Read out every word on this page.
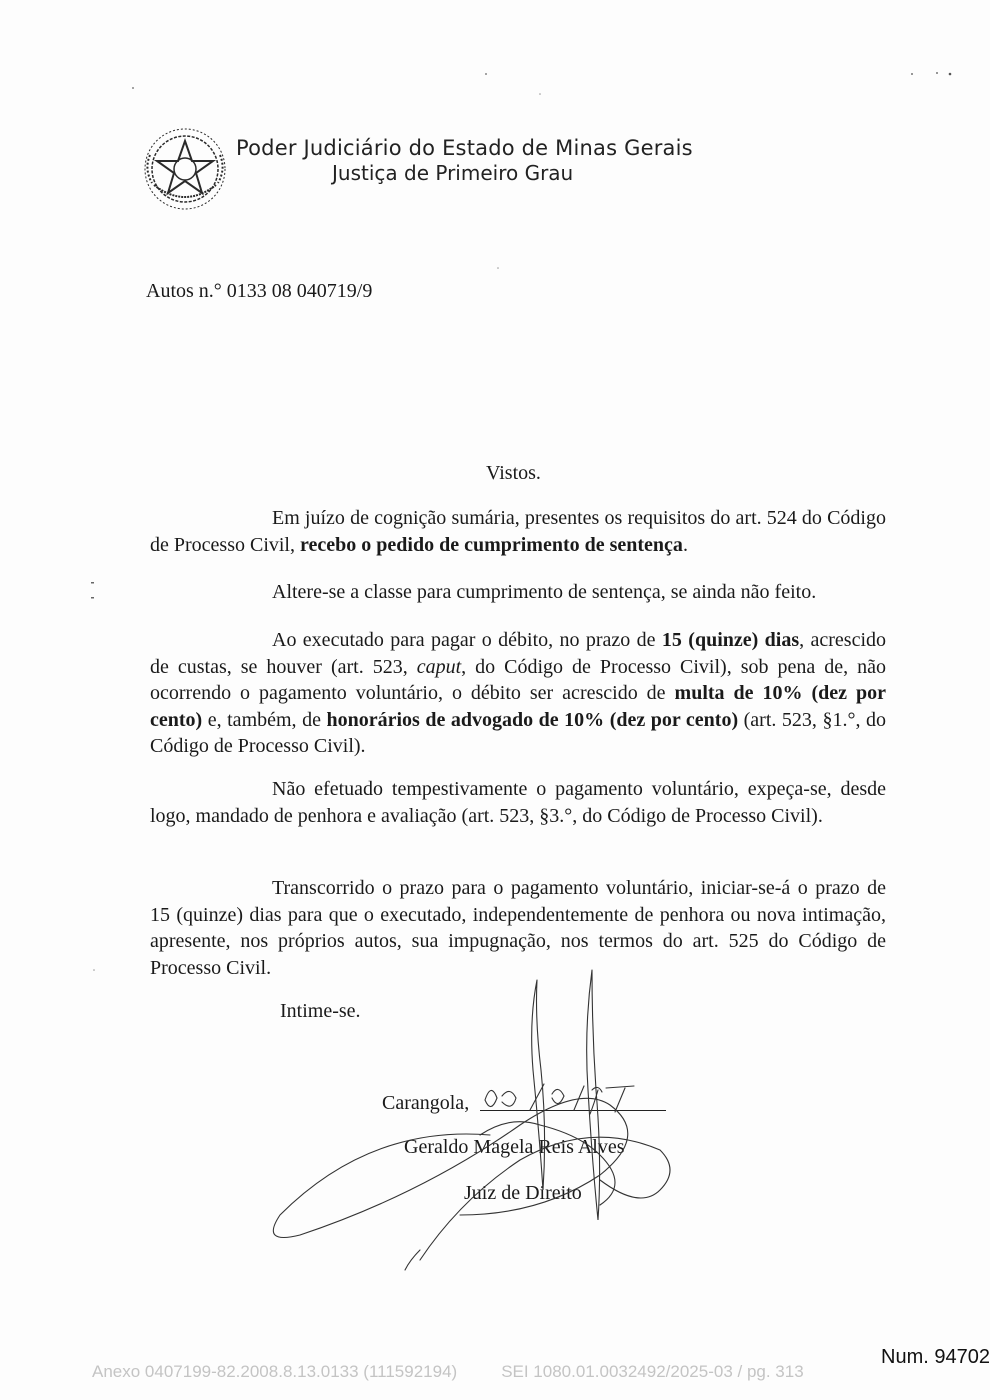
Poder Judiciário do Estado de Minas Gerais
Justiça de Primeiro Grau
Autos n.° 0133 08 040719/9
Vistos.
Em juízo de cognição sumária, presentes os requisitos do art. 524 do Código de Processo Civil, recebo o pedido de cumprimento de sentença.
Altere-se a classe para cumprimento de sentença, se ainda não feito.
Ao executado para pagar o débito, no prazo de 15 (quinze) dias, acrescido de custas, se houver (art. 523, caput, do Código de Processo Civil), sob pena de, não ocorrendo o pagamento voluntário, o débito ser acrescido de multa de 10% (dez por cento) e, também, de honorários de advogado de 10% (dez por cento) (art. 523, §1.°, do Código de Processo Civil).
Não efetuado tempestivamente o pagamento voluntário, expeça-se, desde logo, mandado de penhora e avaliação (art. 523, §3.°, do Código de Processo Civil).
Transcorrido o prazo para o pagamento voluntário, iniciar-se-á o prazo de 15 (quinze) dias para que o executado, independentemente de penhora ou nova intimação, apresente, nos próprios autos, sua impugnação, nos termos do art. 525 do Código de Processo Civil.
Intime-se.
Carangola,
Geraldo Magela Reis Alves
Juiz de Direito
Num. 94702
Anexo 0407199-82.2008.8.13.0133 (111592194)	SEI 1080.01.0032492/2025-03 / pg. 313
